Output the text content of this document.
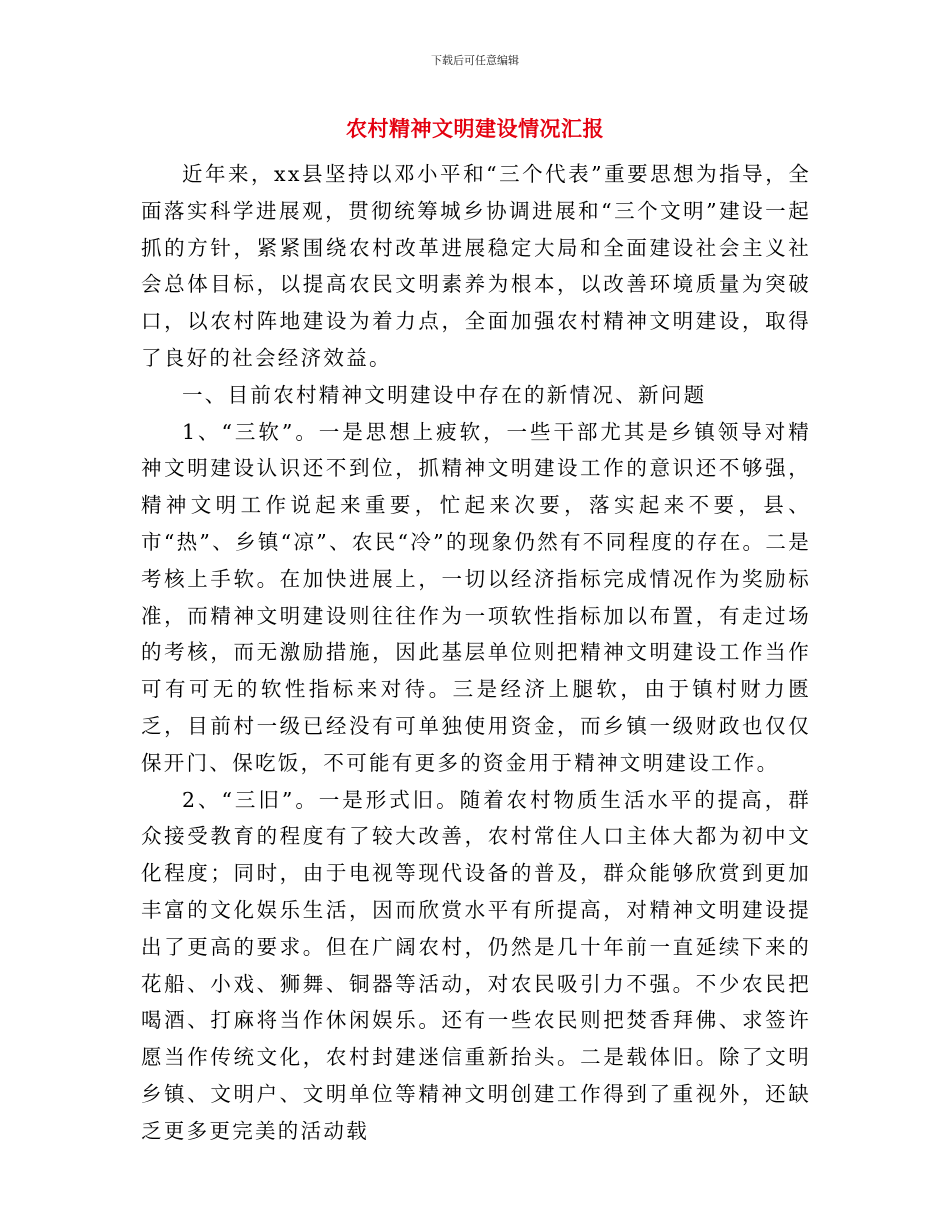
下载后可任意编辑
农村精神文明建设情况汇报

近年来，xx县坚持以邓小平和“三个代表”重要思想为指导，全面落实科学进展观，贯彻统筹城乡协调进展和“三个文明”建设一起抓的方针，紧紧围绕农村改革进展稳定大局和全面建设社会主义社会总体目标，以提高农民文明素养为根本，以改善环境质量为突破口，以农村阵地建设为着力点，全面加强农村精神文明建设，取得了良好的社会经济效益。

一、目前农村精神文明建设中存在的新情况、新问题

1、“三软”。一是思想上疲软，一些干部尤其是乡镇领导对精神文明建设认识还不到位，抓精神文明建设工作的意识还不够强，精神文明工作说起来重要，忙起来次要，落实起来不要，县、市“热”、乡镇“凉”、农民“冷”的现象仍然有不同程度的存在。二是考核上手软。在加快进展上，一切以经济指标完成情况作为奖励标准，而精神文明建设则往往作为一项软性指标加以布置，有走过场的考核，而无激励措施，因此基层单位则把精神文明建设工作当作可有可无的软性指标来对待。三是经济上腿软，由于镇村财力匮乏，目前村一级已经没有可单独使用资金，而乡镇一级财政也仅仅保开门、保吃饭，不可能有更多的资金用于精神文明建设工作。

2、“三旧”。一是形式旧。随着农村物质生活水平的提高，群众接受教育的程度有了较大改善，农村常住人口主体大都为初中文化程度；同时，由于电视等现代设备的普及，群众能够欣赏到更加丰富的文化娱乐生活，因而欣赏水平有所提高，对精神文明建设提出了更高的要求。但在广阔农村，仍然是几十年前一直延续下来的花船、小戏、狮舞、铜器等活动，对农民吸引力不强。不少农民把喝酒、打麻将当作休闲娱乐。还有一些农民则把焚香拜佛、求签许愿当作传统文化，农村封建迷信重新抬头。二是载体旧。除了文明乡镇、文明户、文明单位等精神文明创建工作得到了重视外，还缺乏更多更完美的活动载
